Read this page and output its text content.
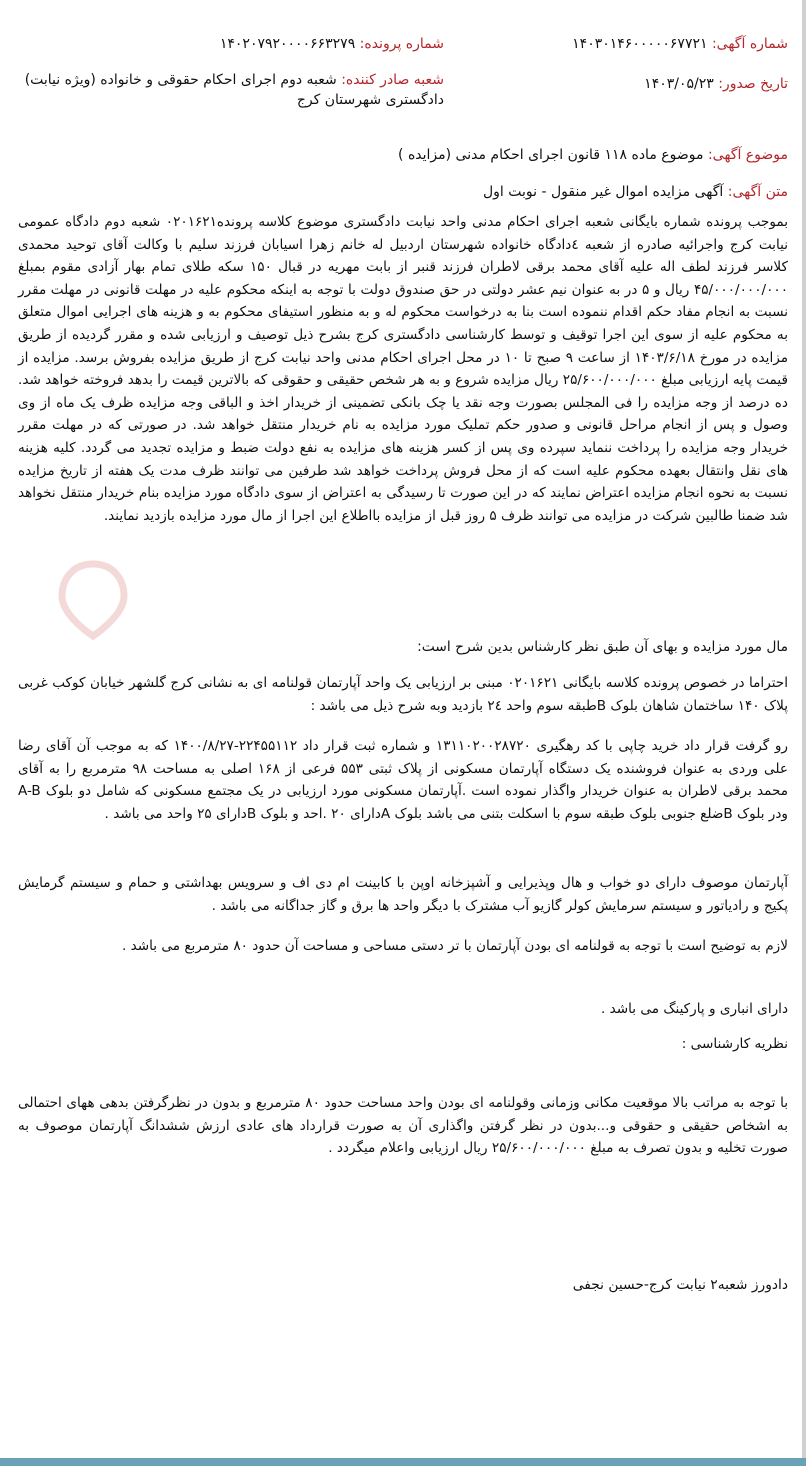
شماره آگهی: ۱۴۰۳۰۱۴۶۰۰۰۰۰۶۷۷۲۱
شماره پرونده: ۱۴۰۲۰۷۹۲۰۰۰۰۶۶۳۲۷۹
تاریخ صدور: ۱۴۰۳/۰۵/۲۳
شعبه صادر کننده: شعبه دوم اجرای احکام حقوقی و خانواده (ویژه نیابت) دادگستری شهرستان کرج
موضوع آگهی: موضوع ماده ۱۱۸ قانون اجرای احکام مدنی (مزایده )
متن آگهی: آگهی مزایده اموال غیر منقول - نوبت اول
بموجب پرونده شماره بایگانی شعبه اجرای احکام مدنی واحد نیابت دادگستری موضوع کلاسه پرونده۰۲۰۱۶۲۱ شعبه دوم دادگاه عمومی نیابت کرج واجرائیه صادره از شعبه ٤دادگاه خانواده شهرستان اردبیل له خانم زهرا اسیابان فرزند سلیم با وکالت آقای توحید محمدی کلاسر فرزند لطف اله علیه آقای محمد برقی لاطران فرزند قنبر از بابت مهریه در قبال ۱۵۰ سکه طلای تمام بهار آزادی مقوم بمبلغ ۴۵/۰۰۰/۰۰۰/۰۰۰ ریال و ۵ در به عنوان نیم عشر دولتی در حق صندوق دولت با توجه به اینکه محکوم علیه در مهلت قانونی در مهلت مقرر نسبت به انجام مفاد حکم اقدام ننموده است بنا به درخواست محکوم له و به منظور استیفای محکوم به و هزینه های اجرایی اموال متعلق به محکوم علیه از سوی این اجرا توقیف و توسط کارشناسی دادگستری کرج بشرح ذیل توصیف و ارزیابی شده و مقرر گردیده از طریق مزایده در مورخ ۱۴۰۳/۶/۱۸ از ساعت ۹ صبح تا ۱۰ در محل اجرای احکام مدنی واحد نیابت کرج از طریق مزایده بفروش برسد. مزایده از قیمت پایه ارزیابی مبلغ ۲۵/۶۰۰/۰۰۰/۰۰۰ ریال مزایده شروع و به هر شخص حقیقی و حقوقی که بالاترین قیمت را بدهد فروخته خواهد شد. ده درصد از وجه مزایده را فی المجلس بصورت وجه نقد یا چک بانکی تضمینی از خریدار اخذ و الباقی وجه مزایده ظرف یک ماه از وی وصول و پس از انجام مراحل قانونی و صدور حکم تملیک مورد مزایده به نام خریدار منتقل خواهد شد. در صورتی که در مهلت مقرر خریدار وجه مزایده را پرداخت ننماید سپرده وی پس از کسر هزینه های مزایده به نفع دولت ضبط و مزایده تجدید می گردد. کلیه هزینه های نقل وانتقال بعهده محکوم علیه است که از محل فروش پرداخت خواهد شد طرفین می توانند ظرف مدت یک هفته از تاریخ مزایده نسبت به نحوه انجام مزایده اعتراض نمایند که در این صورت تا رسیدگی به اعتراض از سوی دادگاه مورد مزایده بنام خریدار منتقل نخواهد شد ضمنا طالبین شرکت در مزایده می توانند ظرف ۵ روز قبل از مزایده بااطلاع این اجرا از مال مورد مزایده بازدید نمایند.
مال مورد مزایده و بهای آن طبق نظر کارشناس بدین شرح است:
احتراما در خصوص پرونده کلاسه بایگانی ۰۲۰۱۶۲۱ مبنی بر ارزیابی یک واحد آپارتمان قولنامه ای به نشانی کرج گلشهر خیابان کوکب غربی پلاک ۱۴۰ ساختمان شاهان بلوک Bطبقه سوم واحد ۲٤ بازدید وبه شرح ذیل می باشد :
رو گرفت قرار داد خرید چاپی با کد رهگیری ۱۳۱۱۰۲۰۰۲۸۷۲۰ و شماره ثبت قرار داد ۲۲۴۵۵۱۱۲-۱۴۰۰/۸/۲۷ که به موجب آن آقای رضا علی وردی به عنوان فروشنده یک دستگاه آپارتمان مسکونی از پلاک ثبتی ۵۵۳ فرعی از ۱۶۸ اصلی به مساحت ۹۸ مترمربع را به آقای محمد برقی لاطران به عنوان خریدار واگذار نموده است .آپارتمان مسکونی مورد ارزیابی در یک مجتمع مسکونی که شامل دو بلوک A-B ودر بلوک Bضلع جنوبی بلوک طبقه سوم با اسکلت بتنی می باشد بلوک Aدارای ۲۰ .احد و بلوک Bدارای ۲۵ واحد می باشد .
آپارتمان موصوف دارای دو خواب و هال وپذیرایی و آشپزخانه اوپن با کابینت ام دی اف و سرویس بهداشتی و حمام و سیستم گرمایش پکیج و رادیاتور و سیستم سرمایش کولر گازیو آب مشترک با دیگر واحد ها برق و گاز جداگانه می باشد .
لازم به توضیح است با توجه به قولنامه ای بودن آپارتمان با تر دستی مساحی و مساحت آن حدود ۸۰ مترمربع می باشد .
دارای انباری و پارکینگ می باشد .
نظریه کارشناسی :
با توجه به مراتب بالا موقعیت مکانی وزمانی وقولنامه ای بودن واحد مساحت حدود ۸۰ مترمربع و بدون در نظرگرفتن بدهی ههای احتمالی به اشخاص حقیقی و حقوقی و...بدون در نظر گرفتن واگذاری آن به صورت قرارداد های عادی ارزش ششدانگ آپارتمان موصوف به صورت تخلیه و بدون تصرف به مبلغ ۲۵/۶۰۰/۰۰۰/۰۰۰ ریال ارزیابی واعلام میگردد .
دادورز شعبه۲ نیابت کرج-حسین نجفی
